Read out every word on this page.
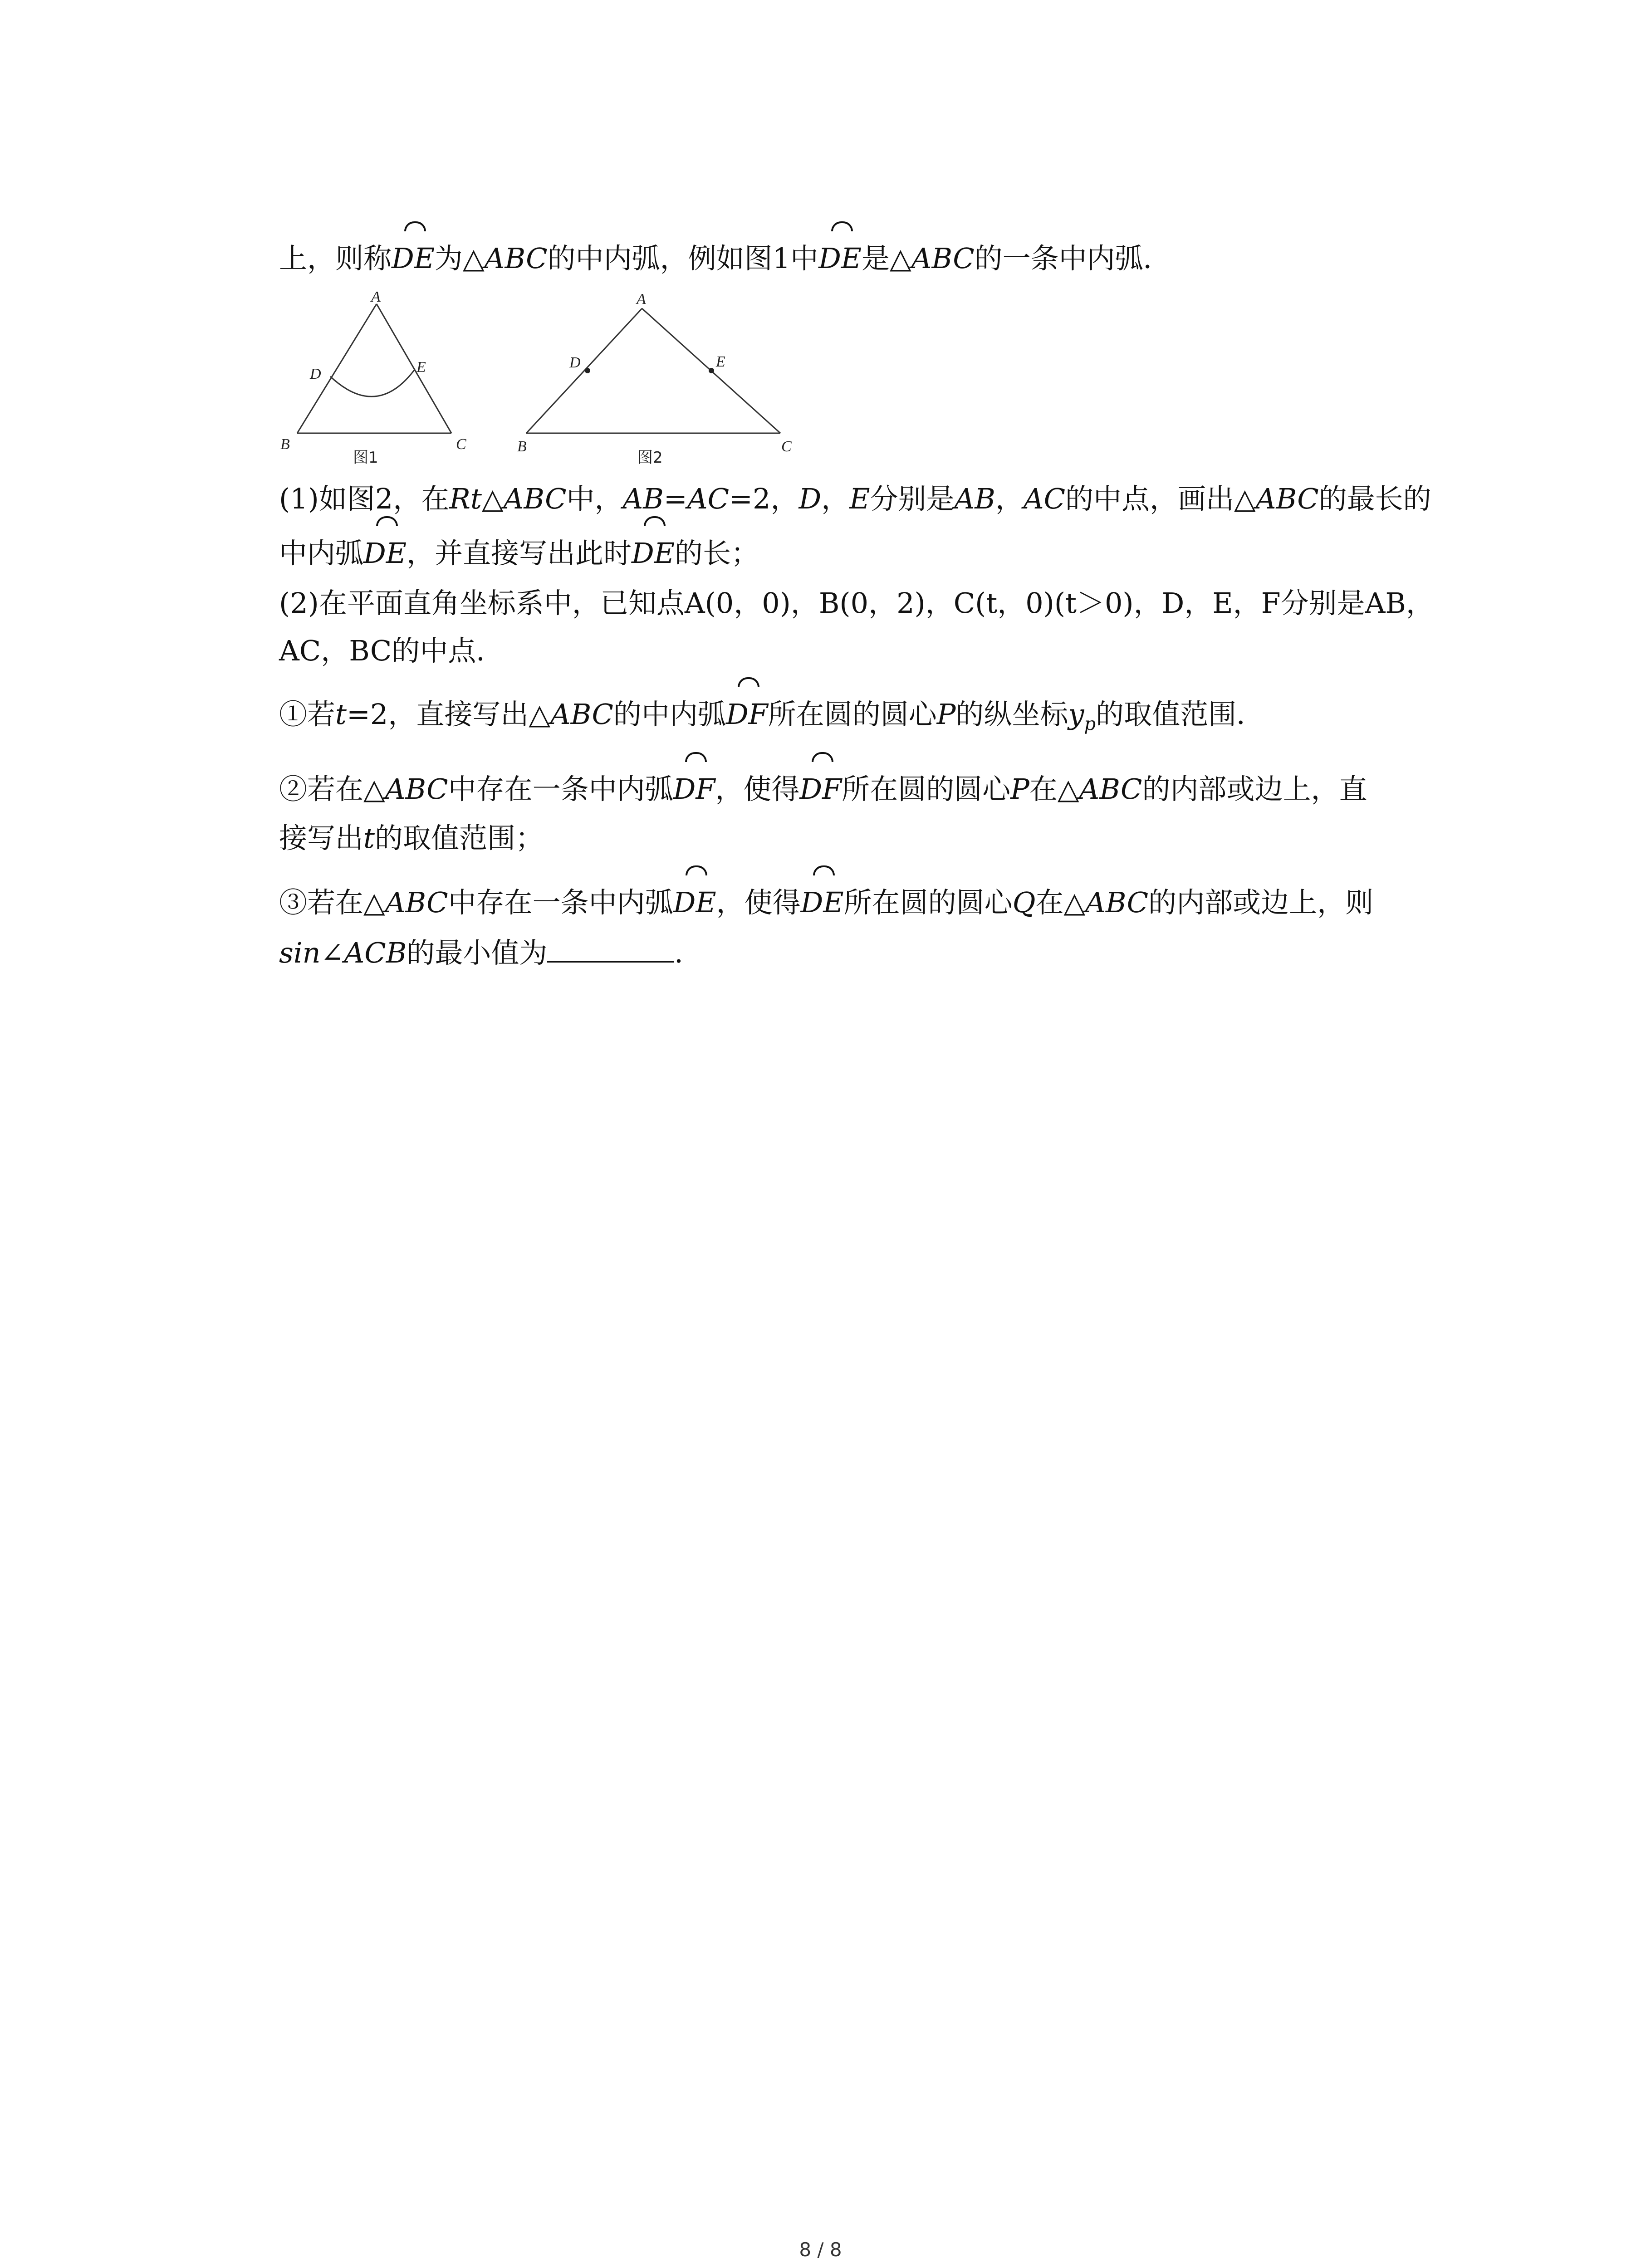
上，则称DE为△ABC的中内弧，例如图1中DE是△ABC的一条中内弧．
A
D	E
B	C
图1
A
D	E
B	C
图2
(1)如图2，在Rt△ABC中，AB=AC=2，D，E分别是AB，AC的中点，画出△ABC的最长的
中内弧DE，并直接写出此时DE的长；
(2)在平面直角坐标系中，已知点A(0，0)，B(0，2)，C(t，0)(t＞0)，D，E，F分别是AB，
AC，BC的中点．
①若t=2，直接写出△ABC的中内弧DF所在圆的圆心P的纵坐标$y_p$的取值范围．
②若在△ABC中存在一条中内弧DF，使得DF所在圆的圆心P在△ABC的内部或边上，直
接写出t的取值范围；
③若在△ABC中存在一条中内弧DE，使得DE所在圆的圆心Q在△ABC的内部或边上，则
sin∠ACB的最小值为	．
8 / 8
